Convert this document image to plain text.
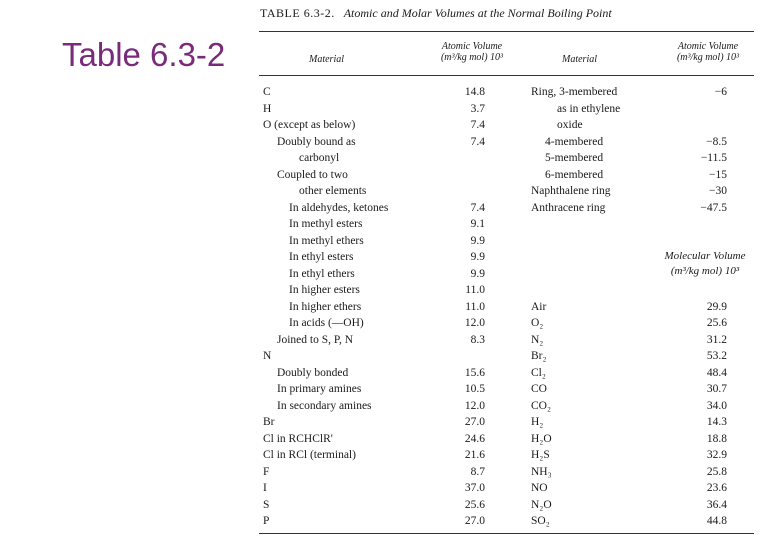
Table 6.3-2
TABLE 6.3-2. Atomic and Molar Volumes at the Normal Boiling Point
Material
Atomic Volume
(m³/kg mol) 10³	Material
Atomic Volume
(m³/kg mol) 10³
C	14.8
H	3.7
O (except as below)	7.4
Doubly bound as	7.4
carbonyl
Coupled to two
other elements
In aldehydes, ketones	7.4
In methyl esters	9.1
In methyl ethers	9.9
In ethyl esters	9.9
In ethyl ethers	9.9
In higher esters	11.0
In higher ethers	11.0
In acids (—OH)	12.0
Joined to S, P, N	8.3
N
Doubly bonded	15.6
In primary amines	10.5
In secondary amines	12.0
Br	27.0
Cl in RCHClR'	24.6
Cl in RCl (terminal)	21.6
F	8.7
I	37.0
S	25.6
P	27.0
Ring, 3-membered	−6
as in ethylene
oxide
4-membered	−8.5
5-membered	−11.5
6-membered	−15
Naphthalene ring	−30
Anthracene ring	−47.5
Molecular Volume
(m³/kg mol) 10³
Air	29.9
O₂	25.6
N₂	31.2
Br₂	53.2
Cl₂	48.4
CO	30.7
CO₂	34.0
H₂	14.3
H₂O	18.8
H₂S	32.9
NH₃	25.8
NO	23.6
N₂O	36.4
SO₂	44.8
